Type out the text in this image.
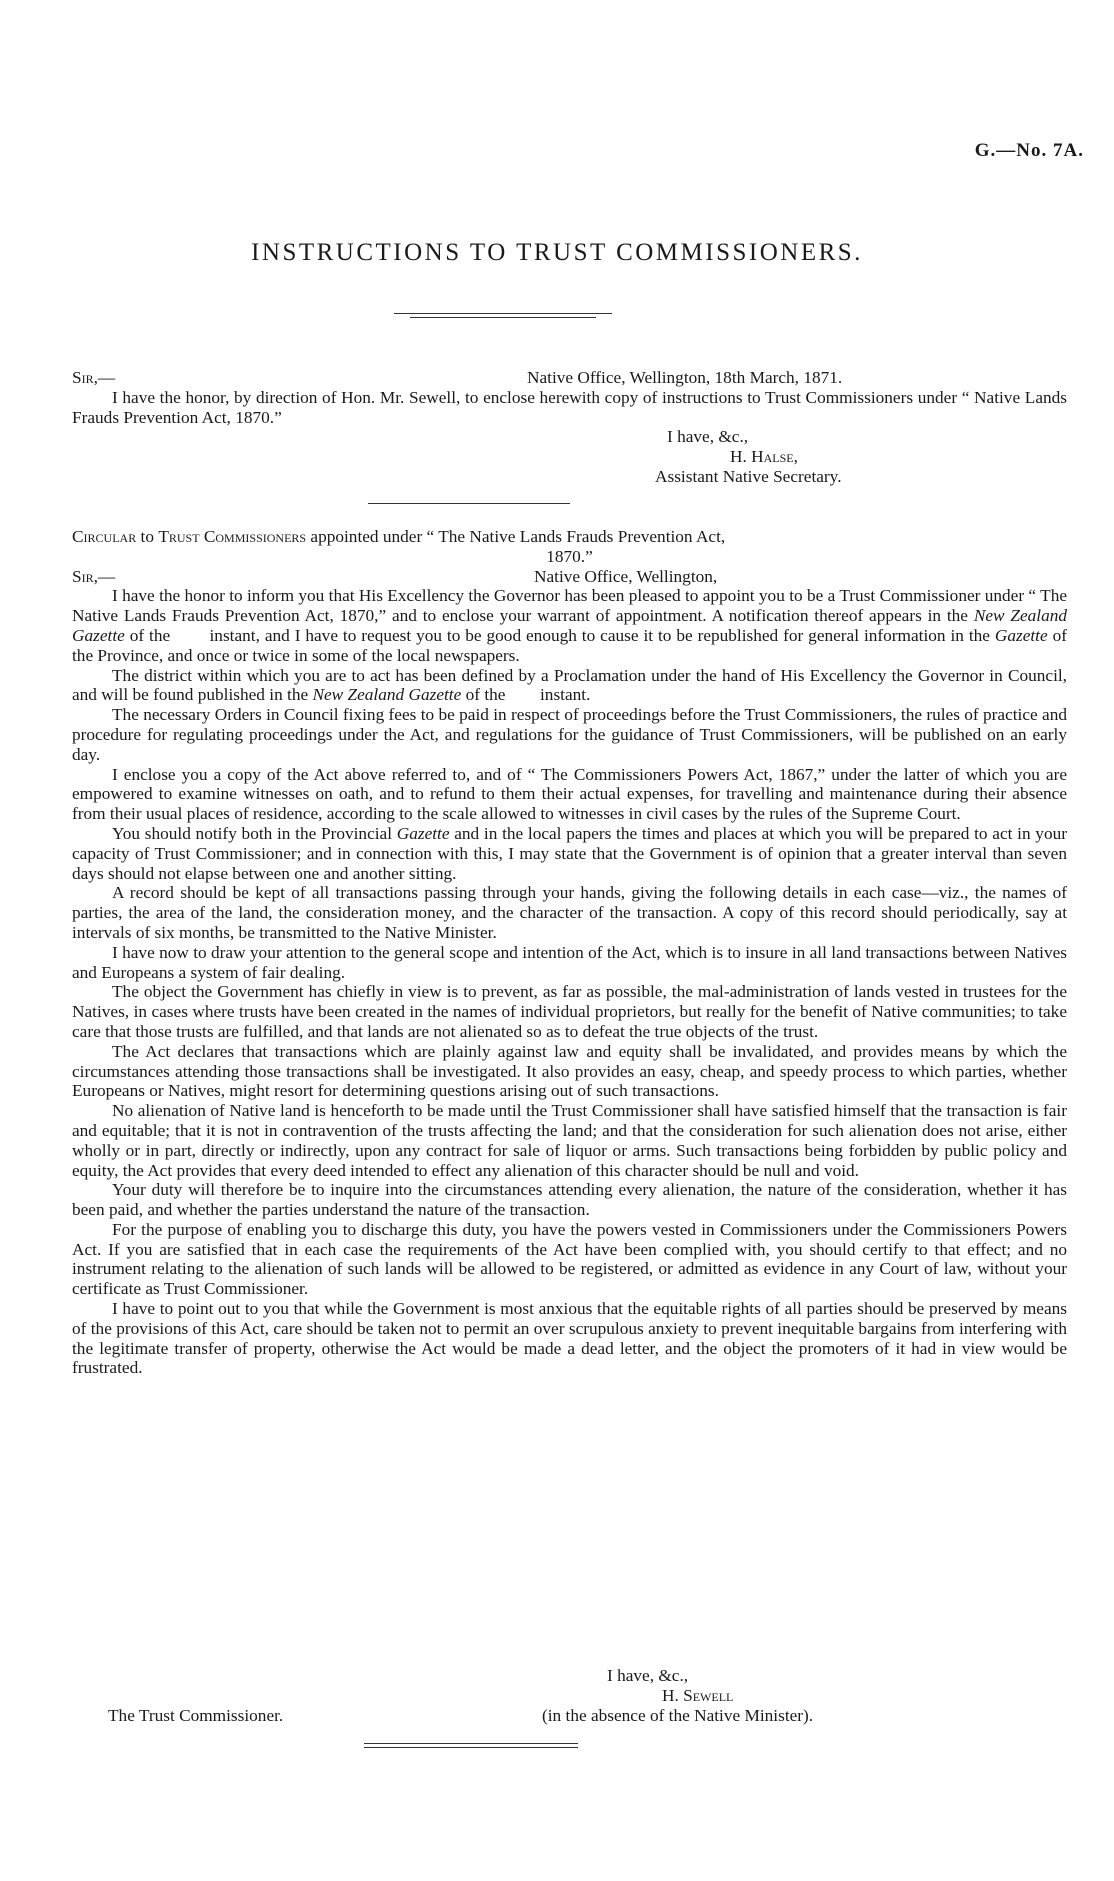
G.—No. 7A.
INSTRUCTIONS TO TRUST COMMISSIONERS.
Sir,—	Native Office, Wellington, 18th March, 1871.

I have the honor, by direction of Hon. Mr. Sewell, to enclose herewith copy of instructions to Trust Commissioners under “ Native Lands Frauds Prevention Act, 1870.”

I have, &c.,
H. Halse,
Assistant Native Secretary.

Circular to Trust Commissioners appointed under “ The Native Lands Frauds Prevention Act,

1870.”

Sir,—	Native Office, Wellington,

I have the honor to inform you that His Excellency the Governor has been pleased to appoint you to be a Trust Commissioner under “ The Native Lands Frauds Prevention Act, 1870,” and to enclose your warrant of appointment. A notification thereof appears in the New Zealand Gazette of the        instant, and I have to request you to be good enough to cause it to be republished for general information in the Gazette of the Province, and once or twice in some of the local newspapers.

The district within which you are to act has been defined by a Proclamation under the hand of His Excellency the Governor in Council, and will be found published in the New Zealand Gazette of the        instant.

The necessary Orders in Council fixing fees to be paid in respect of proceedings before the Trust Commissioners, the rules of practice and procedure for regulating proceedings under the Act, and regulations for the guidance of Trust Commissioners, will be published on an early day.

I enclose you a copy of the Act above referred to, and of “ The Commissioners Powers Act, 1867,” under the latter of which you are empowered to examine witnesses on oath, and to refund to them their actual expenses, for travelling and maintenance during their absence from their usual places of residence, according to the scale allowed to witnesses in civil cases by the rules of the Supreme Court.

You should notify both in the Provincial Gazette and in the local papers the times and places at which you will be prepared to act in your capacity of Trust Commissioner; and in connection with this, I may state that the Government is of opinion that a greater interval than seven days should not elapse between one and another sitting.

A record should be kept of all transactions passing through your hands, giving the following details in each case—viz., the names of parties, the area of the land, the consideration money, and the character of the transaction. A copy of this record should periodically, say at intervals of six months, be transmitted to the Native Minister.

I have now to draw your attention to the general scope and intention of the Act, which is to insure in all land transactions between Natives and Europeans a system of fair dealing.

The object the Government has chiefly in view is to prevent, as far as possible, the mal-administration of lands vested in trustees for the Natives, in cases where trusts have been created in the names of individual proprietors, but really for the benefit of Native communities; to take care that those trusts are fulfilled, and that lands are not alienated so as to defeat the true objects of the trust.

The Act declares that transactions which are plainly against law and equity shall be invalidated, and provides means by which the circumstances attending those transactions shall be investigated. It also provides an easy, cheap, and speedy process to which parties, whether Europeans or Natives, might resort for determining questions arising out of such transactions.

No alienation of Native land is henceforth to be made until the Trust Commissioner shall have satisfied himself that the transaction is fair and equitable; that it is not in contravention of the trusts affecting the land; and that the consideration for such alienation does not arise, either wholly or in part, directly or indirectly, upon any contract for sale of liquor or arms. Such transactions being forbidden by public policy and equity, the Act provides that every deed intended to effect any alienation of this character should be null and void.

Your duty will therefore be to inquire into the circumstances attending every alienation, the nature of the consideration, whether it has been paid, and whether the parties understand the nature of the transaction.

For the purpose of enabling you to discharge this duty, you have the powers vested in Commissioners under the Commissioners Powers Act. If you are satisfied that in each case the requirements of the Act have been complied with, you should certify to that effect; and no instrument relating to the alienation of such lands will be allowed to be registered, or admitted as evidence in any Court of law, without your certificate as Trust Commissioner.

I have to point out to you that while the Government is most anxious that the equitable rights of all parties should be preserved by means of the provisions of this Act, care should be taken not to permit an over scrupulous anxiety to prevent inequitable bargains from interfering with the legitimate transfer of property, otherwise the Act would be made a dead letter, and the object the promoters of it had in view would be frustrated.

I have, &c.,
H. Sewell
The Trust Commissioner.	(in the absence of the Native Minister).
